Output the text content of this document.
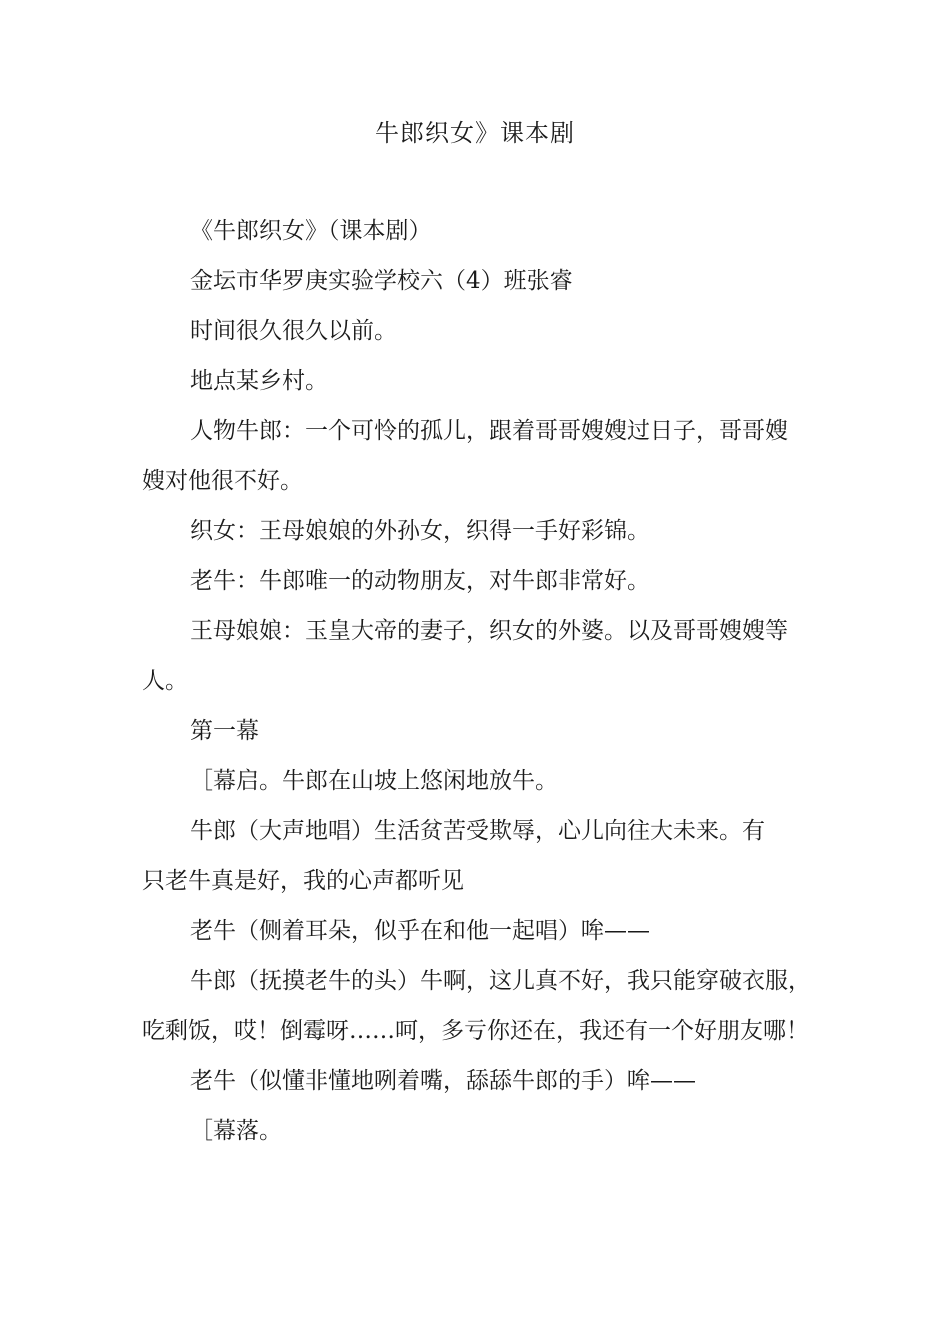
牛郎织女》课本剧

《牛郎织女》（课本剧）

金坛市华罗庚实验学校六（4）班张睿

时间很久很久以前。

地点某乡村。

人物牛郎：一个可怜的孤儿，跟着哥哥嫂嫂过日子，哥哥嫂
嫂对他很不好。

织女：王母娘娘的外孙女，织得一手好彩锦。

老牛：牛郎唯一的动物朋友，对牛郎非常好。

王母娘娘：玉皇大帝的妻子，织女的外婆。以及哥哥嫂嫂等
人。

第一幕

［幕启。牛郎在山坡上悠闲地放牛。

牛郎（大声地唱）生活贫苦受欺辱，心儿向往大未来。有
只老牛真是好，我的心声都听见

老牛（侧着耳朵，似乎在和他一起唱）哞——

牛郎（抚摸老牛的头）牛啊，这儿真不好，我只能穿破衣服，
吃剩饭，哎！倒霉呀……呵，多亏你还在，我还有一个好朋友哪！

老牛（似懂非懂地咧着嘴，舔舔牛郎的手）哞——

［幕落。
